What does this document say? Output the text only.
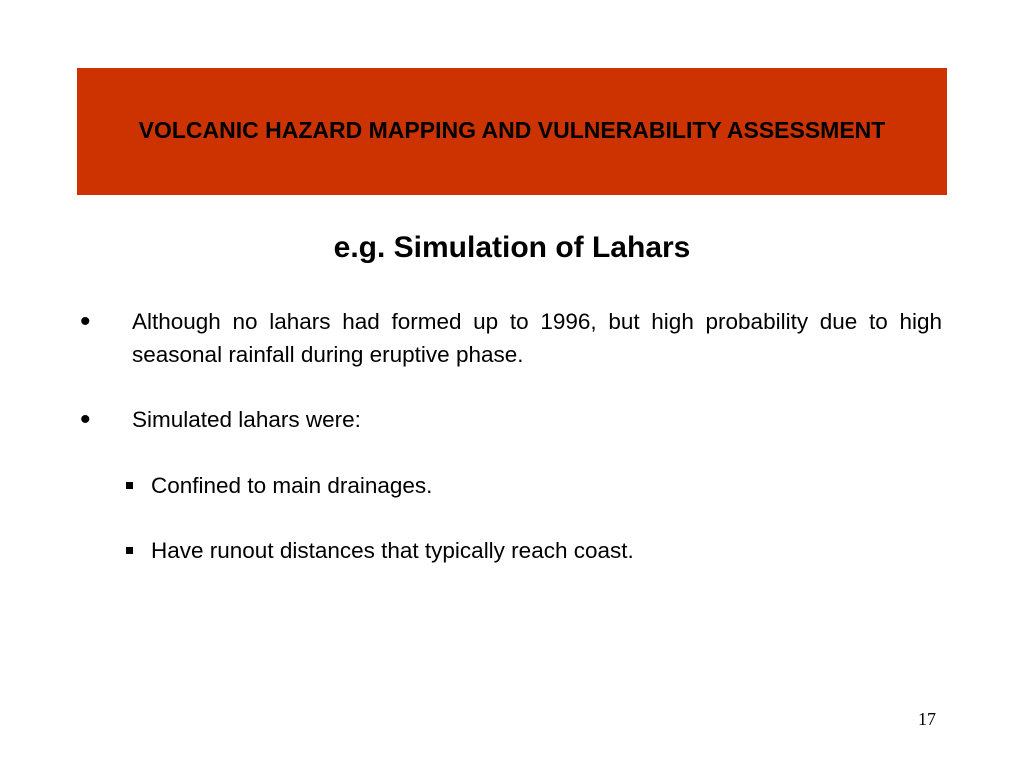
VOLCANIC HAZARD MAPPING AND VULNERABILITY ASSESSMENT
e.g. Simulation of Lahars
• Although no lahars had formed up to 1996, but high probability due to high seasonal rainfall during eruptive phase.
• Simulated lahars were:
Confined to main drainages.
Have runout distances that typically reach coast.
17
